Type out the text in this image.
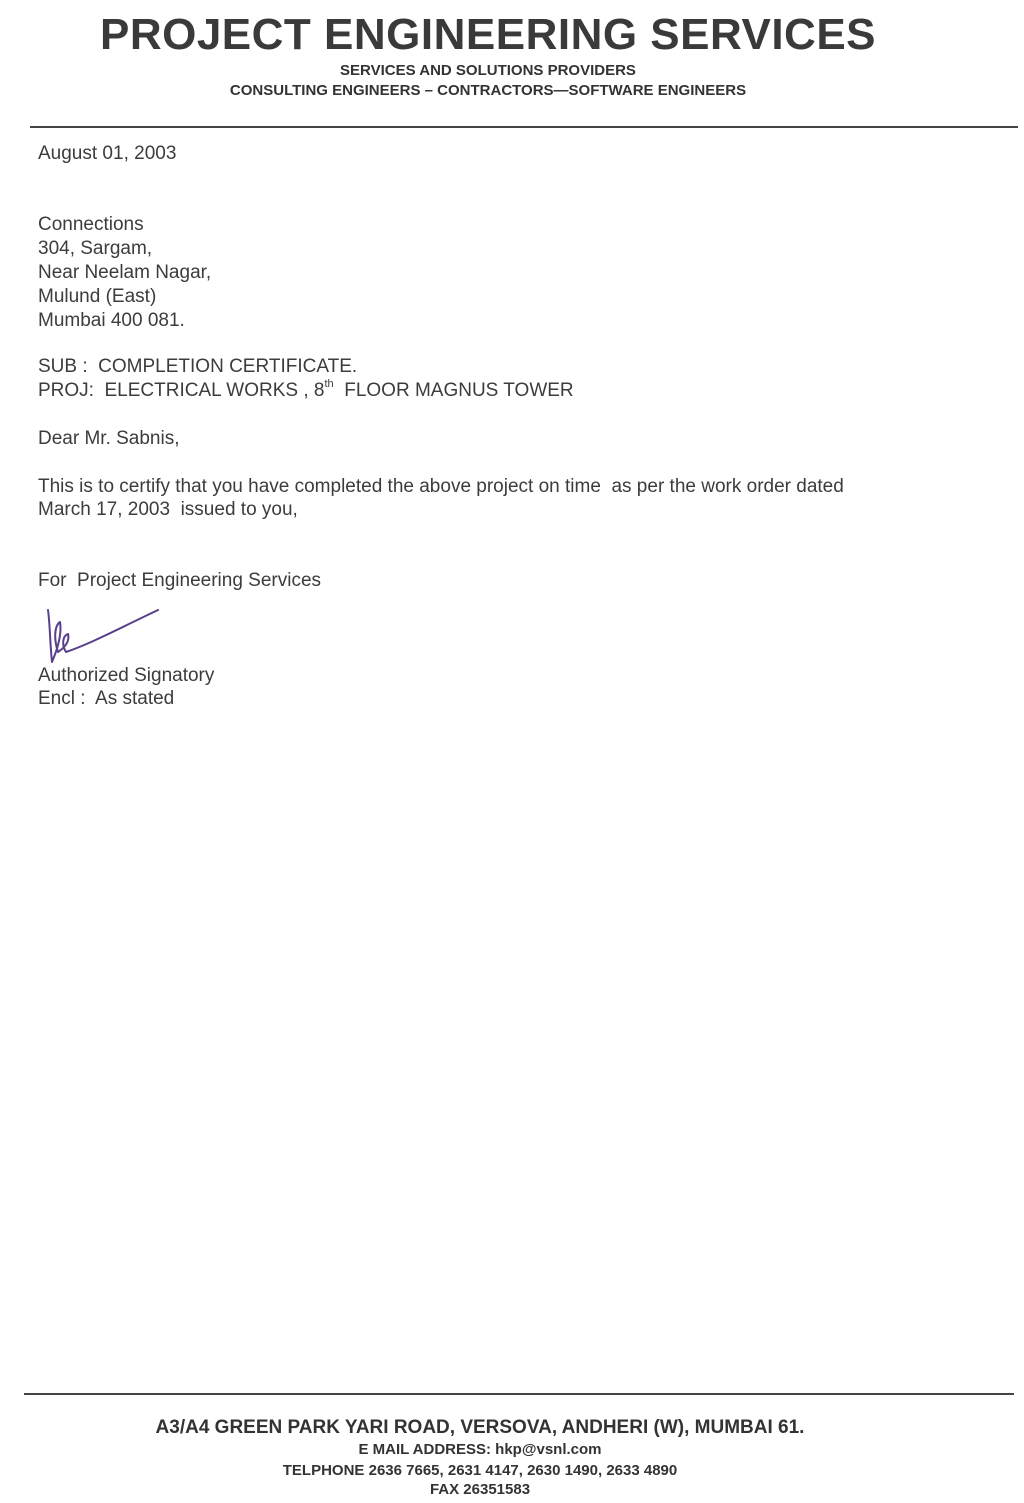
PROJECT ENGINEERING SERVICES
SERVICES AND SOLUTIONS PROVIDERS
CONSULTING ENGINEERS – CONTRACTORS—SOFTWARE ENGINEERS
August 01, 2003
Connections
304, Sargam,
Near Neelam Nagar,
Mulund (East)
Mumbai 400 081.
SUB :  COMPLETION CERTIFICATE.
PROJ:  ELECTRICAL WORKS , 8th  FLOOR MAGNUS TOWER
Dear Mr. Sabnis,
This is to certify that you have completed the above project on time  as per the work order dated
March 17, 2003  issued to you,
For  Project Engineering Services
Authorized Signatory
Encl :  As stated
A3/A4 GREEN PARK YARI ROAD, VERSOVA, ANDHERI (W), MUMBAI 61.
E MAIL ADDRESS: hkp@vsnl.com
TELPHONE 2636 7665, 2631 4147, 2630 1490, 2633 4890
FAX 26351583
